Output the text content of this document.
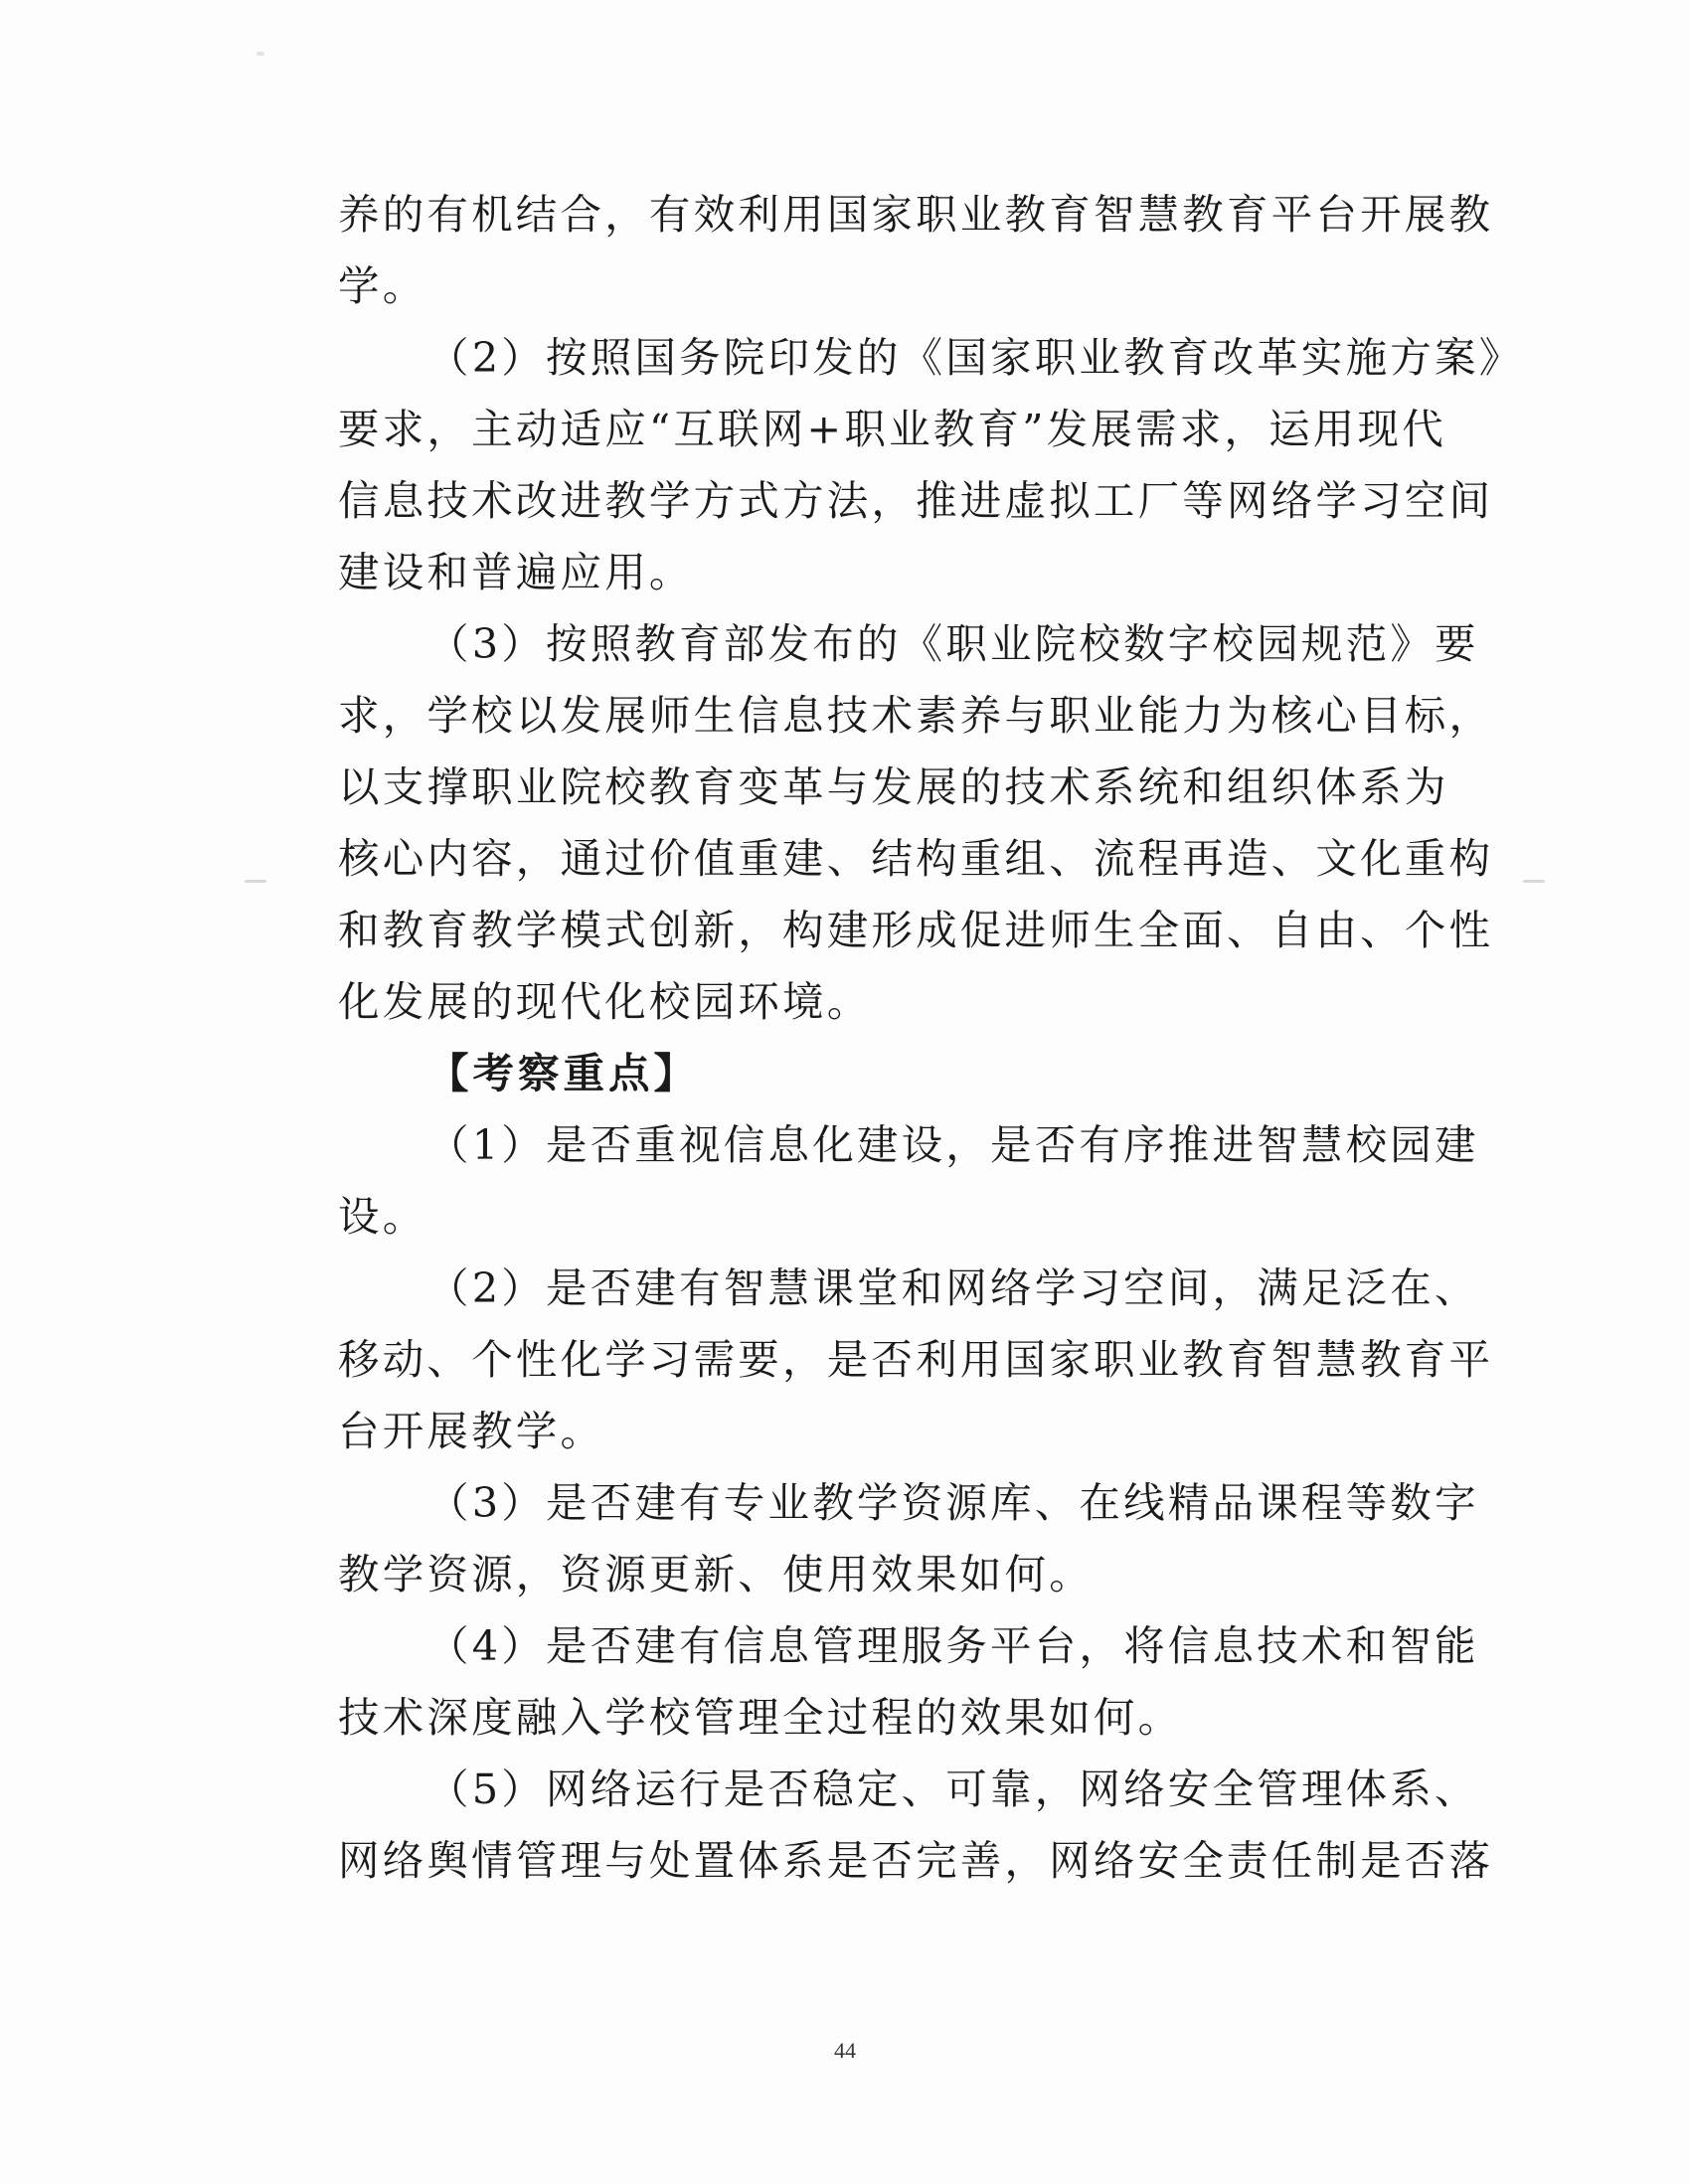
养的有机结合，有效利用国家职业教育智慧教育平台开展教
学。
（2）按照国务院印发的《国家职业教育改革实施方案》
要求，主动适应“互联网+职业教育”发展需求，运用现代
信息技术改进教学方式方法，推进虚拟工厂等网络学习空间
建设和普遍应用。
（3）按照教育部发布的《职业院校数字校园规范》要
求，学校以发展师生信息技术素养与职业能力为核心目标，
以支撑职业院校教育变革与发展的技术系统和组织体系为
核心内容，通过价值重建、结构重组、流程再造、文化重构
和教育教学模式创新，构建形成促进师生全面、自由、个性
化发展的现代化校园环境。
【考察重点】
（1）是否重视信息化建设，是否有序推进智慧校园建
设。
（2）是否建有智慧课堂和网络学习空间，满足泛在、
移动、个性化学习需要，是否利用国家职业教育智慧教育平
台开展教学。
（3）是否建有专业教学资源库、在线精品课程等数字
教学资源，资源更新、使用效果如何。
（4）是否建有信息管理服务平台，将信息技术和智能
技术深度融入学校管理全过程的效果如何。
（5）网络运行是否稳定、可靠，网络安全管理体系、
网络舆情管理与处置体系是否完善，网络安全责任制是否落
44
